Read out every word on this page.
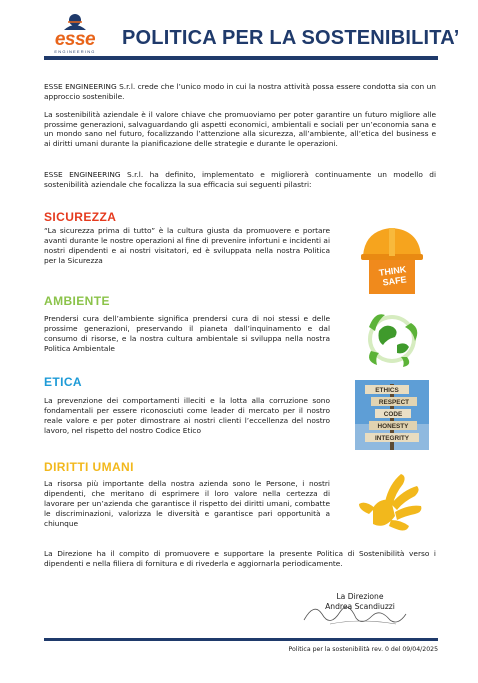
esse
ENGINEERING
POLITICA PER LA SOSTENIBILITA’
ESSE ENGINEERING S.r.l. crede che l’unico modo in cui la nostra attività possa essere condotta sia con un approccio sostenibile.
La sostenibilità aziendale è il valore chiave che promuoviamo per poter garantire un futuro migliore alle prossime generazioni, salvaguardando gli aspetti economici, ambientali e sociali per un’economia sana e un mondo sano nel futuro, focalizzando l’attenzione alla sicurezza, all’ambiente, all’etica del business e ai diritti umani durante la pianificazione delle strategie e durante le operazioni.
ESSE ENGINEERING S.r.l. ha definito, implementato e migliorerà continuamente un modello di sostenibilità aziendale che focalizza la sua efficacia sui seguenti pilastri:
SICUREZZA
“La sicurezza prima di tutto” è la cultura giusta da promuovere e portare avanti durante le nostre operazioni al fine di prevenire infortuni e incidenti ai nostri dipendenti e ai nostri visitatori, ed è sviluppata nella nostra Politica per la Sicurezza
THINK
SAFE
AMBIENTE
Prendersi cura dell’ambiente significa prendersi cura di noi stessi e delle prossime generazioni, preservando il pianeta dall’inquinamento e dal consumo di risorse, e la nostra cultura ambientale si sviluppa nella nostra Politica Ambientale
ETICA
La prevenzione dei comportamenti illeciti e la lotta alla corruzione sono fondamentali per essere riconosciuti come leader di mercato per il nostro reale valore e per poter dimostrare ai nostri clienti l’eccellenza del nostro lavoro, nel rispetto del nostro Codice Etico
ETHICS
RESPECT
CODE
HONESTY
INTEGRITY
DIRITTI UMANI
La risorsa più importante della nostra azienda sono le Persone, i nostri dipendenti, che meritano di esprimere il loro valore nella certezza di lavorare per un’azienda che garantisce il rispetto dei diritti umani, combatte le discriminazioni, valorizza le diversità e garantisce pari opportunità a chiunque
La Direzione ha il compito di promuovere e supportare la presente Politica di Sostenibilità verso i dipendenti e nella filiera di fornitura e di rivederla e aggiornarla periodicamente.
La Direzione
Andrea Scandiuzzi
Politica per la sostenibilità rev. 0 del 09/04/2025
